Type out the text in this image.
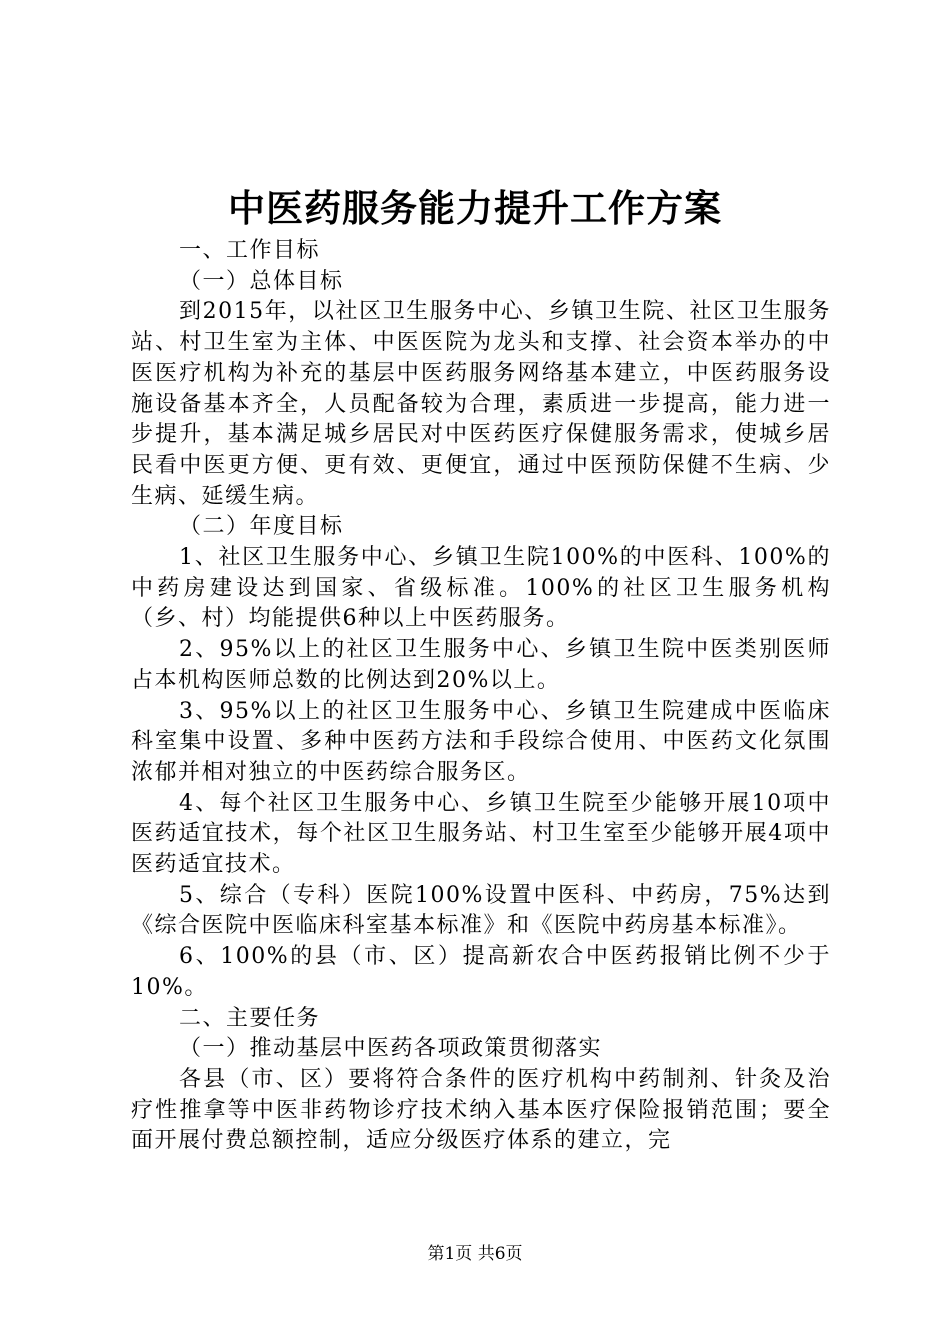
中医药服务能力提升工作方案

一、工作目标

（一）总体目标

到2015年，以社区卫生服务中心、乡镇卫生院、社区卫生服务站、村卫生室为主体、中医医院为龙头和支撑、社会资本举办的中医医疗机构为补充的基层中医药服务网络基本建立，中医药服务设施设备基本齐全，人员配备较为合理，素质进一步提高，能力进一步提升，基本满足城乡居民对中医药医疗保健服务需求，使城乡居民看中医更方便、更有效、更便宜，通过中医预防保健不生病、少生病、延缓生病。

（二）年度目标

1、社区卫生服务中心、乡镇卫生院100%的中医科、100%的中药房建设达到国家、省级标准。100%的社区卫生服务机构（乡、村）均能提供6种以上中医药服务。

2、95%以上的社区卫生服务中心、乡镇卫生院中医类别医师占本机构医师总数的比例达到20%以上。

3、95%以上的社区卫生服务中心、乡镇卫生院建成中医临床科室集中设置、多种中医药方法和手段综合使用、中医药文化氛围浓郁并相对独立的中医药综合服务区。

4、每个社区卫生服务中心、乡镇卫生院至少能够开展10项中医药适宜技术，每个社区卫生服务站、村卫生室至少能够开展4项中医药适宜技术。

5、综合（专科）医院100%设置中医科、中药房，75%达到《综合医院中医临床科室基本标准》和《医院中药房基本标准》。

6、100%的县（市、区）提高新农合中医药报销比例不少于10%。

二、主要任务

（一）推动基层中医药各项政策贯彻落实

各县（市、区）要将符合条件的医疗机构中药制剂、针灸及治疗性推拿等中医非药物诊疗技术纳入基本医疗保险报销范围；要全面开展付费总额控制，适应分级医疗体系的建立，完

第1页 共6页
